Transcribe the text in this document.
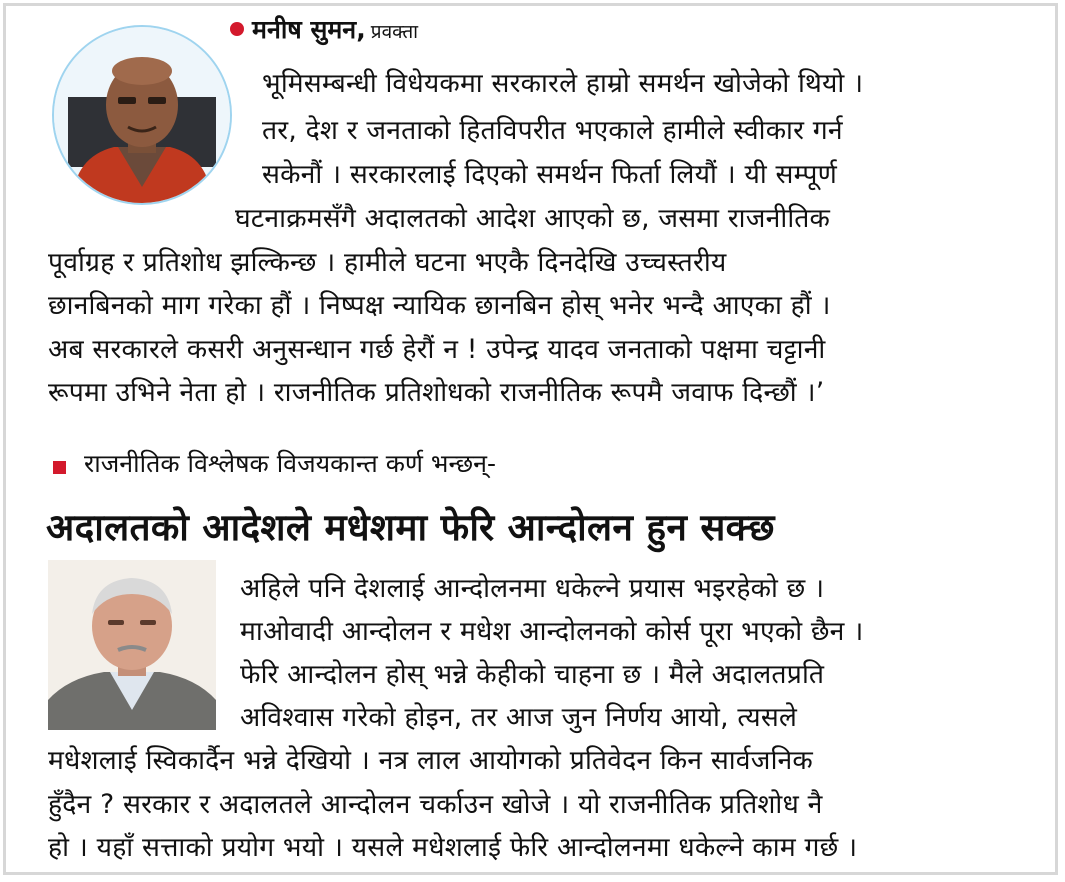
मनीष सुमन, प्रवक्ता
भूमिसम्बन्धी विधेयकमा सरकारले हाम्रो समर्थन खोजेको थियो ।
तर, देश र जनताको हितविपरीत भएकाले हामीले स्वीकार गर्न
सकेनौं । सरकारलाई दिएको समर्थन फिर्ता लियौं । यी सम्पूर्ण
घटनाक्रमसँगै अदालतको आदेश आएको छ, जसमा राजनीतिक
पूर्वाग्रह र प्रतिशोध झल्किन्छ । हामीले घटना भएकै दिनदेखि उच्चस्तरीय
छानबिनको माग गरेका हौं । निष्पक्ष न्यायिक छानबिन होस् भनेर भन्दै आएका हौं ।
अब सरकारले कसरी अनुसन्धान गर्छ हेरौं न ! उपेन्द्र यादव जनताको पक्षमा चट्टानी
रूपमा उभिने नेता हो । राजनीतिक प्रतिशोधको राजनीतिक रूपमै जवाफ दिन्छौं ।’
राजनीतिक विश्लेषक विजयकान्त कर्ण भन्छन्-
अदालतको आदेशले मधेशमा फेरि आन्दोलन हुन सक्छ
अहिले पनि देशलाई आन्दोलनमा धकेल्ने प्रयास भइरहेको छ ।
माओवादी आन्दोलन र मधेश आन्दोलनको कोर्स पूरा भएको छैन ।
फेरि आन्दोलन होस् भन्ने केहीको चाहना छ । मैले अदालतप्रति
अविश्वास गरेको होइन, तर आज जुन निर्णय आयो, त्यसले
मधेशलाई स्विकार्दैन भन्ने देखियो । नत्र लाल आयोगको प्रतिवेदन किन सार्वजनिक
हुँदैन ? सरकार र अदालतले आन्दोलन चर्काउन खोजे । यो राजनीतिक प्रतिशोध नै
हो । यहाँ सत्ताको प्रयोग भयो । यसले मधेशलाई फेरि आन्दोलनमा धकेल्ने काम गर्छ ।
